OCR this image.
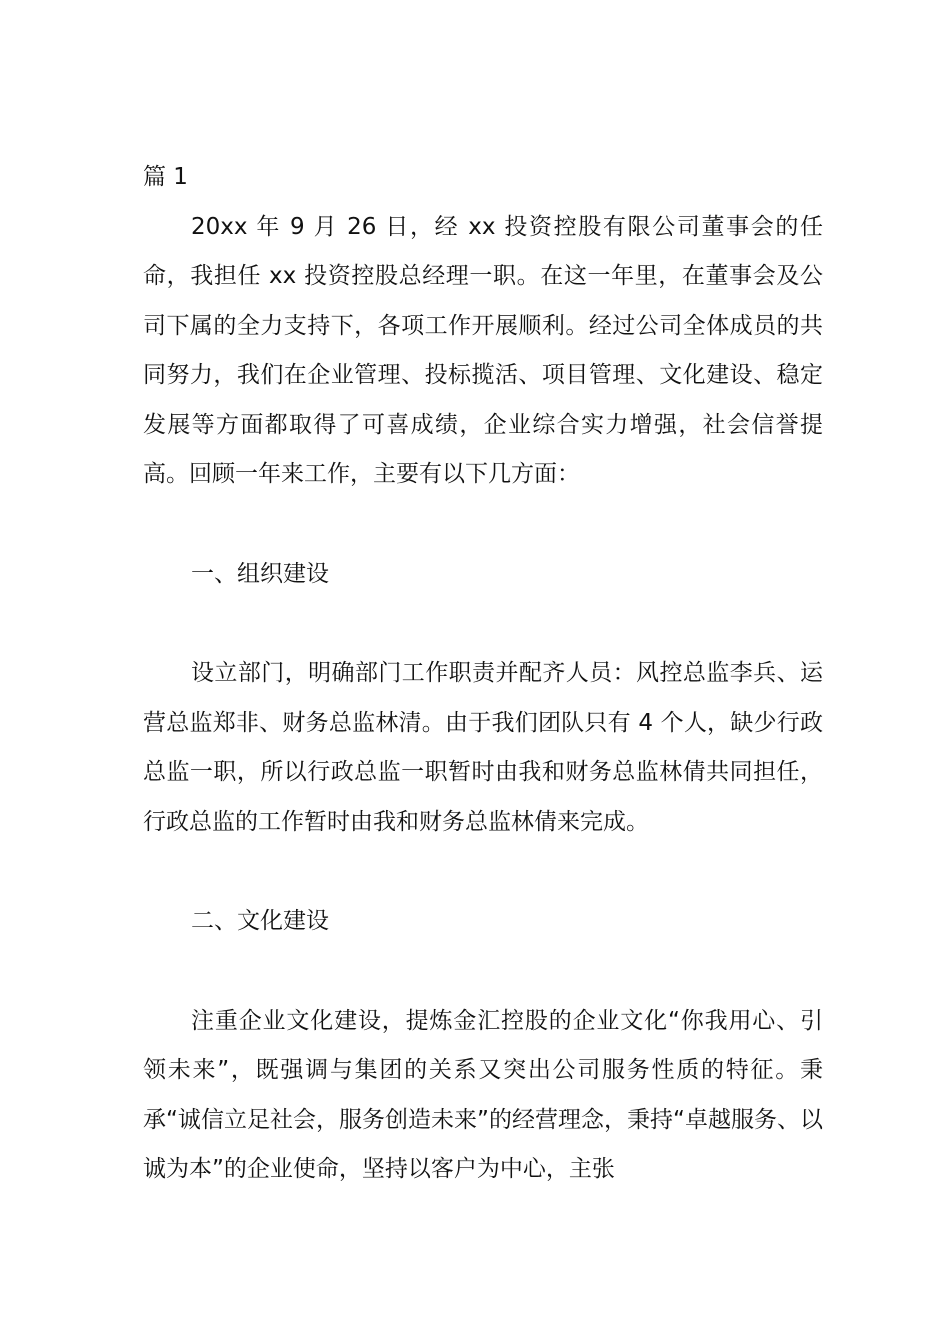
篇 1

20xx 年 9 月 26 日，经 xx 投资控股有限公司董事会的任命，我担任 xx 投资控股总经理一职。在这一年里，在董事会及公司下属的全力支持下，各项工作开展顺利。经过公司全体成员的共同努力，我们在企业管理、投标揽活、项目管理、文化建设、稳定发展等方面都取得了可喜成绩，企业综合实力增强，社会信誉提高。回顾一年来工作，主要有以下几方面：

一、组织建设

设立部门，明确部门工作职责并配齐人员：风控总监李兵、运营总监郑非、财务总监林清。由于我们团队只有 4 个人，缺少行政总监一职，所以行政总监一职暂时由我和财务总监林倩共同担任，行政总监的工作暂时由我和财务总监林倩来完成。

二、文化建设

注重企业文化建设，提炼金汇控股的企业文化“你我用心、引领未来”，既强调与集团的关系又突出公司服务性质的特征。秉承“诚信立足社会，服务创造未来”的经营理念，秉持“卓越服务、以诚为本”的企业使命，坚持以客户为中心，主张
